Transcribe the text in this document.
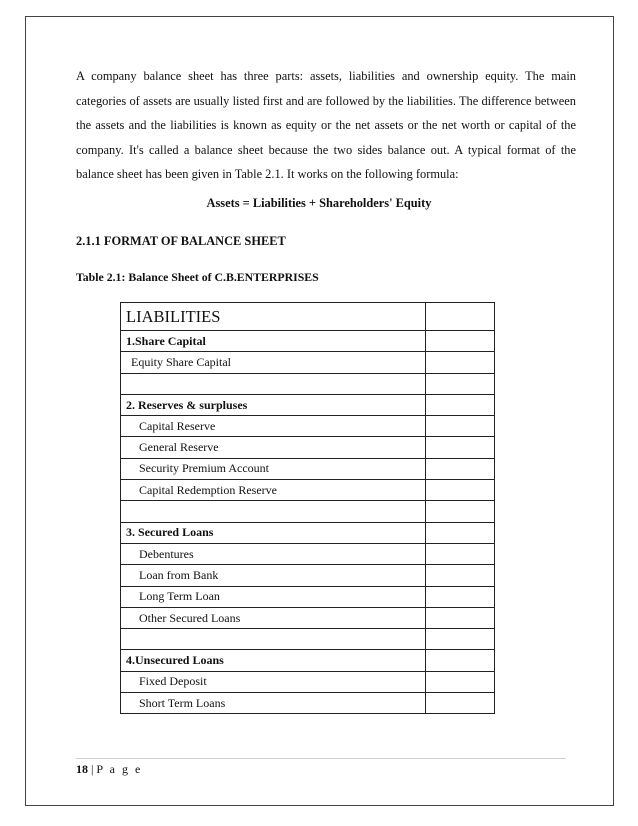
A company balance sheet has three parts: assets, liabilities and ownership equity. The main categories of assets are usually listed first and are followed by the liabilities. The difference between the assets and the liabilities is known as equity or the net assets or the net worth or capital of the company. It's called a balance sheet because the two sides balance out. A typical format of the balance sheet has been given in Table 2.1. It works on the following formula:

Assets = Liabilities + Shareholders' Equity
2.1.1 FORMAT OF BALANCE SHEET
Table 2.1: Balance Sheet of C.B.ENTERPRISES
LIABILITIES	
1.Share Capital	
Equity Share Capital	

2. Reserves & surpluses	
Capital Reserve	
General Reserve	
Security Premium Account	
Capital Redemption Reserve	

3. Secured Loans	
Debentures	
Loan from Bank	
Long Term Loan	
Other Secured Loans	

4.Unsecured Loans	
Fixed Deposit	
Short Term Loans	
18 | P a g e
